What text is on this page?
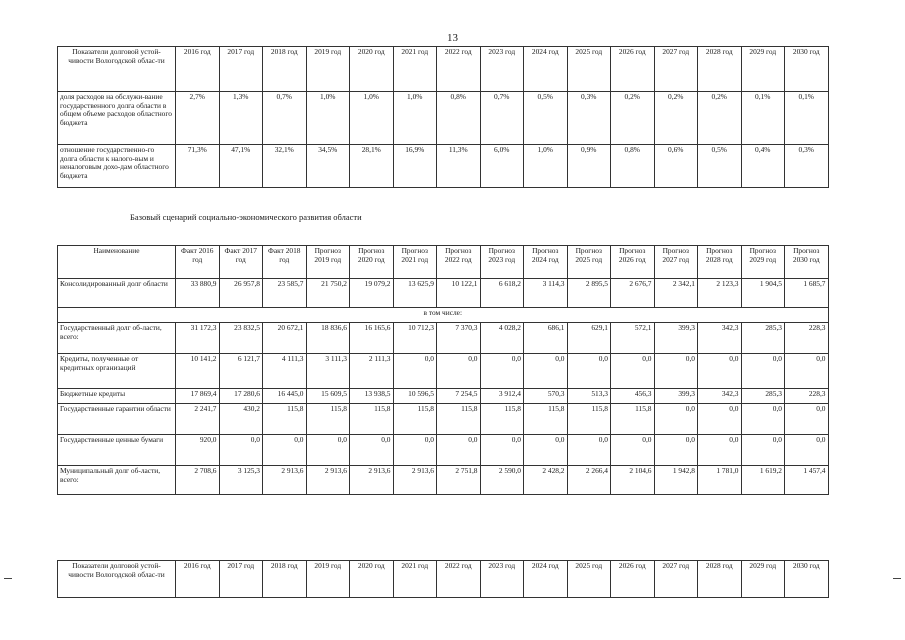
13
Показатели долговой устой-чивости Вологодской облас-ти	2016 год	2017 год	2018 год	2019 год	2020 год	2021 год	2022 год	2023 год	2024 год	2025 год	2026 год	2027 год	2028 год	2029 год	2030 год
доля расходов на обслужи-вание государственного долга области в общем объеме расходов областного бюджета	2,7%	1,3%	0,7%	1,0%	1,0%	1,0%	0,8%	0,7%	0,5%	0,3%	0,2%	0,2%	0,2%	0,1%	0,1%
отношение государственно-го долга области к налого-вым и неналоговым дохо-дам областного бюджета	71,3%	47,1%	32,1%	34,5%	28,1%	16,9%	11,3%	6,0%	1,0%	0,9%	0,8%	0,6%	0,5%	0,4%	0,3%
Базовый сценарий социально-экономического развития области
Наименование	Факт 2016 год	Факт 2017 год	Факт 2018 год	Прогноз 2019 год	Прогноз 2020 год	Прогноз 2021 год	Прогноз 2022 год	Прогноз 2023 год	Прогноз 2024 год	Прогноз 2025 год	Прогноз 2026 год	Прогноз 2027 год	Прогноз 2028 год	Прогноз 2029 год	Прогноз 2030 год
Консолидированный долг области	33 880,9	26 957,8	23 585,7	21 750,2	19 079,2	13 625,9	10 122,1	6 618,2	3 114,3	2 895,5	2 676,7	2 342,1	2 123,3	1 904,5	1 685,7
в том числе:															
Государственный долг об-ласти, всего:	31 172,3	23 832,5	20 672,1	18 836,6	16 165,6	10 712,3	7 370,3	4 028,2	686,1	629,1	572,1	399,3	342,3	285,3	228,3
Кредиты, полученные от кредитных организаций	10 141,2	6 121,7	4 111,3	3 111,3	2 111,3	0,0	0,0	0,0	0,0	0,0	0,0	0,0	0,0	0,0	0,0
Бюджетные кредиты	17 869,4	17 280,6	16 445,0	15 609,5	13 938,5	10 596,5	7 254,5	3 912,4	570,3	513,3	456,3	399,3	342,3	285,3	228,3
Государственные гарантии области	2 241,7	430,2	115,8	115,8	115,8	115,8	115,8	115,8	115,8	115,8	115,8	0,0	0,0	0,0	0,0
Государственные ценные бумаги	920,0	0,0	0,0	0,0	0,0	0,0	0,0	0,0	0,0	0,0	0,0	0,0	0,0	0,0	0,0
Муниципальный долг об-ласти, всего:	2 708,6	3 125,3	2 913,6	2 913,6	2 913,6	2 913,6	2 751,8	2 590,0	2 428,2	2 266,4	2 104,6	1 942,8	1 781,0	1 619,2	1 457,4
Показатели долговой устой-чивости Вологодской облас-ти	2016 год	2017 год	2018 год	2019 год	2020 год	2021 год	2022 год	2023 год	2024 год	2025 год	2026 год	2027 год	2028 год	2029 год	2030 год
